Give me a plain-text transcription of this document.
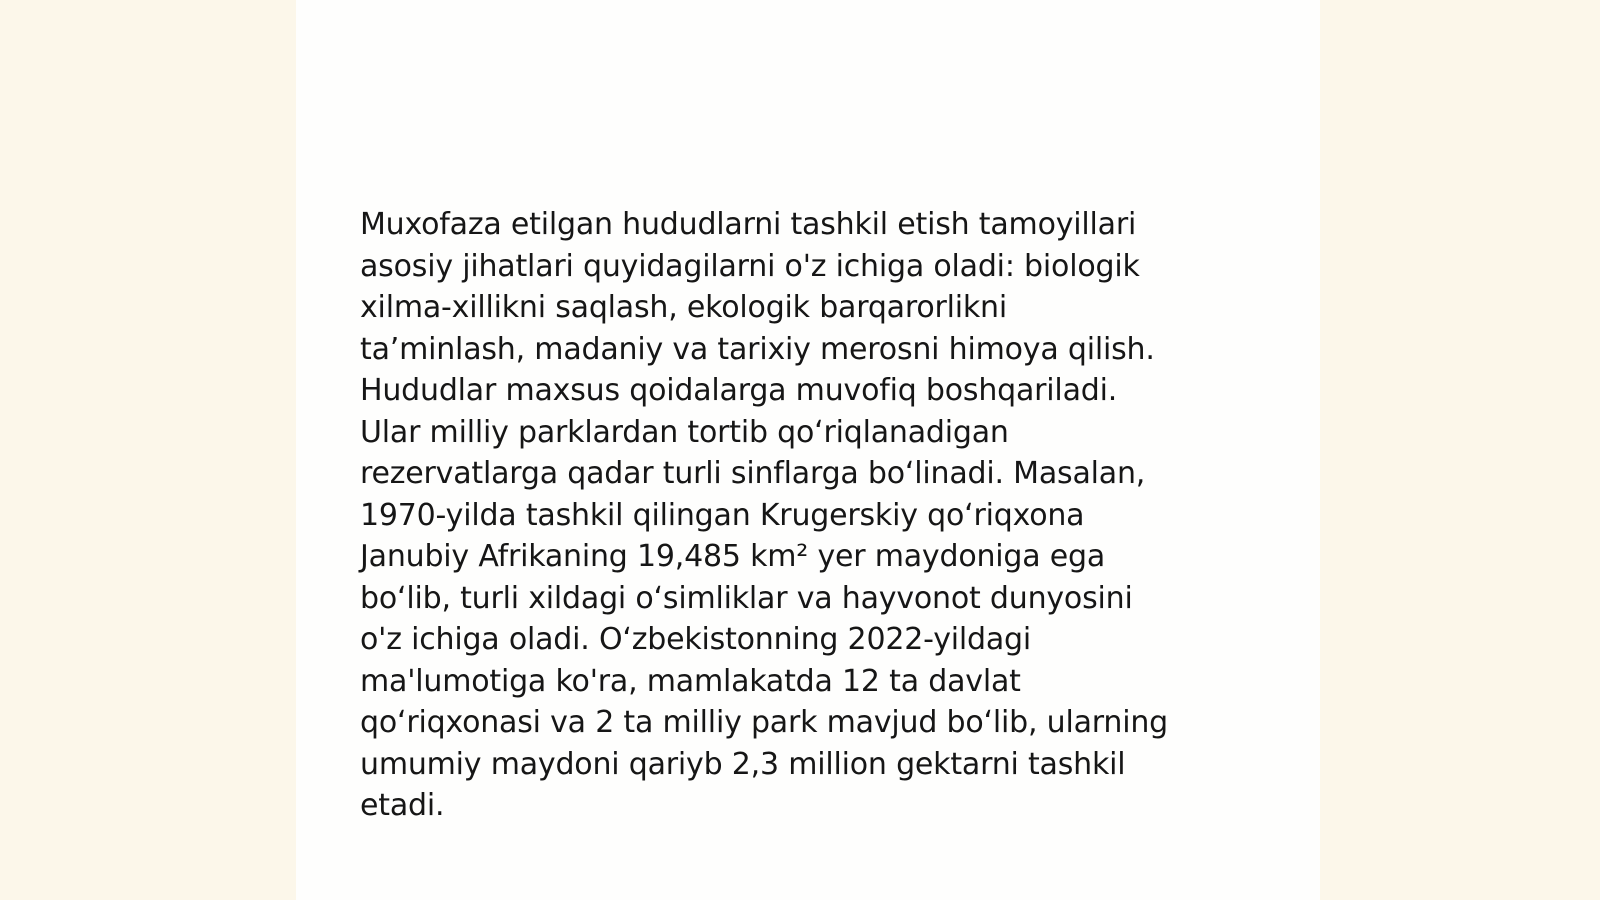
Muxofaza etilgan hududlarni tashkil etish tamoyillari
asosiy jihatlari quyidagilarni o'z ichiga oladi: biologik
xilma-xillikni saqlash, ekologik barqarorlikni
ta’minlash, madaniy va tarixiy merosni himoya qilish.
Hududlar maxsus qoidalarga muvofiq boshqariladi.
Ular milliy parklardan tortib qo‘riqlanadigan
rezervatlarga qadar turli sinflarga bo‘linadi. Masalan,
1970-yilda tashkil qilingan Krugerskiy qo‘riqxona
Janubiy Afrikaning 19,485 km² yer maydoniga ega
bo‘lib, turli xildagi o‘simliklar va hayvonot dunyosini
o'z ichiga oladi. O‘zbekistonning 2022-yildagi
ma'lumotiga ko'ra, mamlakatda 12 ta davlat
qo‘riqxonasi va 2 ta milliy park mavjud bo‘lib, ularning
umumiy maydoni qariyb 2,3 million gektarni tashkil
etadi.
